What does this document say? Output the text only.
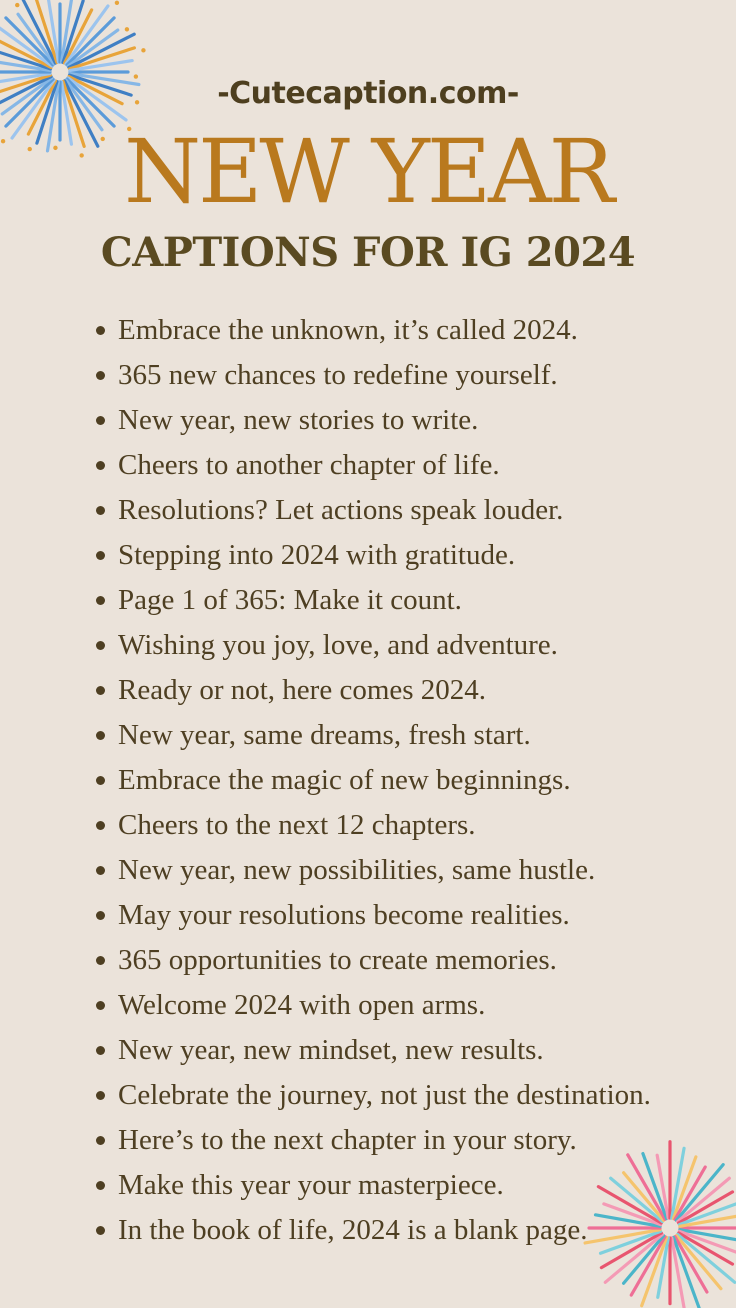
-Cutecaption.com-
NEW YEAR
CAPTIONS FOR IG 2024
Embrace the unknown, it’s called 2024.
365 new chances to redefine yourself.
New year, new stories to write.
Cheers to another chapter of life.
Resolutions? Let actions speak louder.
Stepping into 2024 with gratitude.
Page 1 of 365: Make it count.
Wishing you joy, love, and adventure.
Ready or not, here comes 2024.
New year, same dreams, fresh start.
Embrace the magic of new beginnings.
Cheers to the next 12 chapters.
New year, new possibilities, same hustle.
May your resolutions become realities.
365 opportunities to create memories.
Welcome 2024 with open arms.
New year, new mindset, new results.
Celebrate the journey, not just the destination.
Here’s to the next chapter in your story.
Make this year your masterpiece.
In the book of life, 2024 is a blank page.
